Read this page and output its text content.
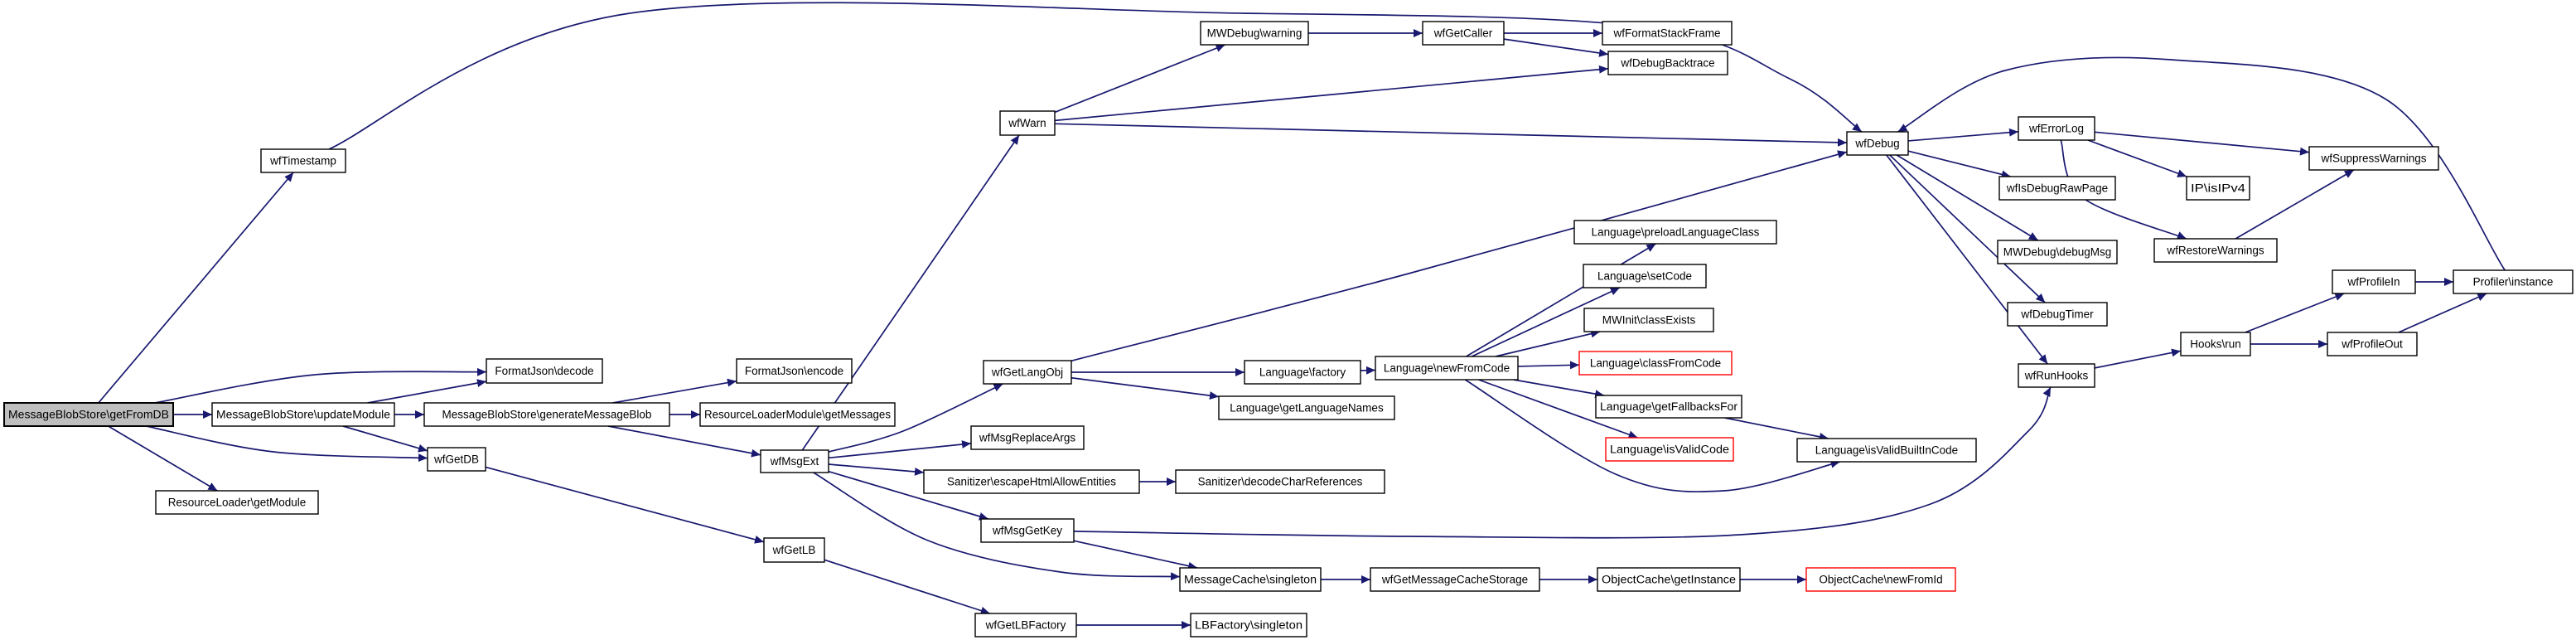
MessageBlobStore\getFromDB
wfTimestamp
MessageBlobStore\updateModule
ResourceLoader\getModule
FormatJson\decode
MessageBlobStore\generateMessageBlob
FormatJson\encode
ResourceLoaderModule\getMessages
wfGetDB
wfGetLB
wfGetLBFactory	LBFactory\singleton
wfMsgExt
wfGetLangObj
wfMsgReplaceArgs
Sanitizer\escapeHtmlAllowEntities	Sanitizer\decodeCharReferences
wfMsgGetKey
MessageCache\singleton	wfGetMessageCacheStorage	ObjectCache\getInstance	ObjectCache\newFromId
Language\factory
Language\getLanguageNames
Language\newFromCode
Language\preloadLanguageClass
Language\setCode
MWInit\classExists
Language\classFromCode
Language\getFallbacksFor
Language\isValidCode	Language\isValidBuiltInCode
wfWarn
MWDebug\warning	wfGetCaller	wfFormatStackFrame
wfDebugBacktrace
wfDebug
wfErrorLog
wfIsDebugRawPage
MWDebug\debugMsg
wfDebugTimer
wfRunHooks
Hooks\run
IP\isIPv4
wfRestoreWarnings
wfSuppressWarnings
wfProfileIn
wfProfileOut
Profiler\instance
